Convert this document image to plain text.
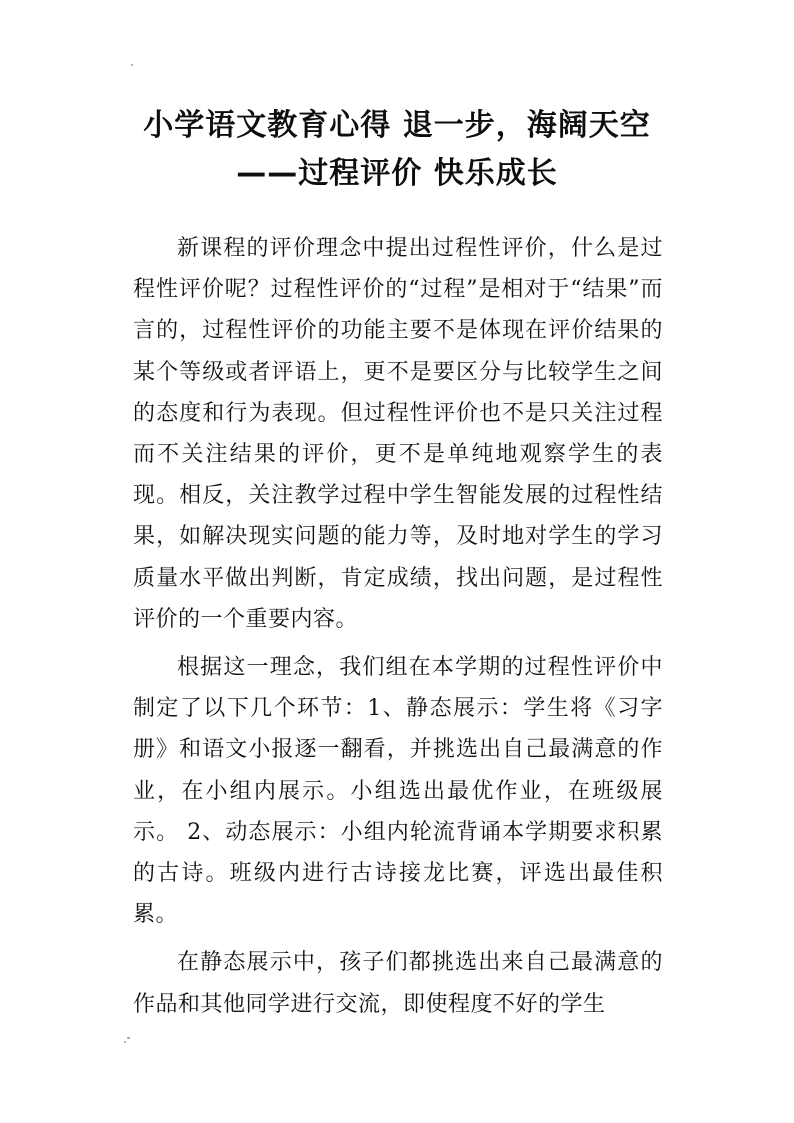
小学语文教育心得 退一步，海阔天空
——过程评价 快乐成长

新课程的评价理念中提出过程性评价，什么是过程性评价呢？过程性评价的“过程”是相对于“结果”而言的，过程性评价的功能主要不是体现在评价结果的某个等级或者评语上，更不是要区分与比较学生之间的态度和行为表现。但过程性评价也不是只关注过程而不关注结果的评价，更不是单纯地观察学生的表现。相反，关注教学过程中学生智能发展的过程性结果，如解决现实问题的能力等，及时地对学生的学习质量水平做出判断，肯定成绩，找出问题，是过程性评价的一个重要内容。

根据这一理念，我们组在本学期的过程性评价中制定了以下几个环节：1、静态展示：学生将《习字册》和语文小报逐一翻看，并挑选出自己最满意的作业，在小组内展示。小组选出最优作业，在班级展示。 2、动态展示：小组内轮流背诵本学期要求积累的古诗。班级内进行古诗接龙比赛，评选出最佳积累。

在静态展示中，孩子们都挑选出来自己最满意的作品和其他同学进行交流，即使程度不好的学生
